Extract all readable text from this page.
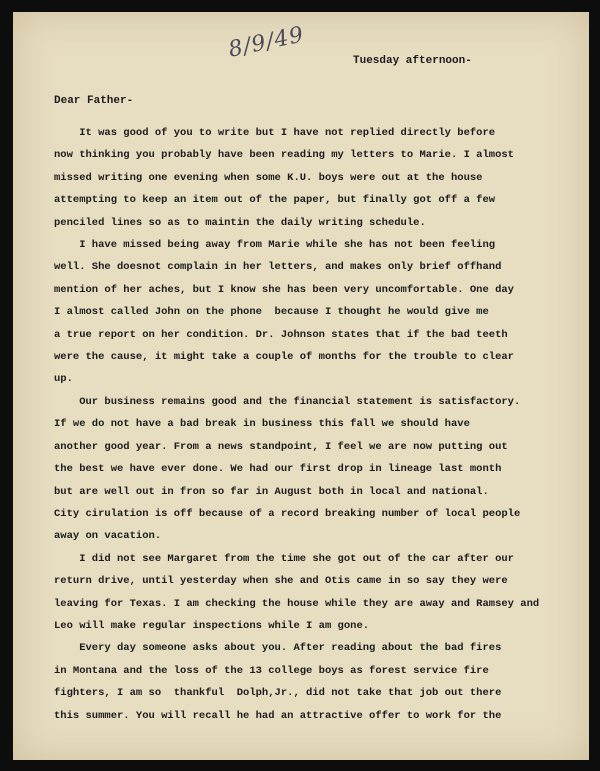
8/9/49	Tuesday afternoon-
Dear Father-
It was good of you to write but I have not replied directly before
now thinking you probably have been reading my letters to Marie. I almost
missed writing one evening when some K.U. boys were out at the house
attempting to keep an item out of the paper, but finally got off a few
penciled lines so as to maintin the daily writing schedule.
I have missed being away from Marie while she has not been feeling
well. She doesnot complain in her letters, and makes only brief offhand
mention of her aches, but I know she has been very uncomfortable. One day
I almost called John on the phone  because I thought he would give me
a true report on her condition. Dr. Johnson states that if the bad teeth
were the cause, it might take a couple of months for the trouble to clear
up.
Our business remains good and the financial statement is satisfactory.
If we do not have a bad break in business this fall we should have
another good year. From a news standpoint, I feel we are now putting out
the best we have ever done. We had our first drop in lineage last month
but are well out in fron so far in August both in local and national.
City cirulation is off because of a record breaking number of local people
away on vacation.
I did not see Margaret from the time she got out of the car after our
return drive, until yesterday when she and Otis came in so say they were
leaving for Texas. I am checking the house while they are away and Ramsey and
Leo will make regular inspections while I am gone.
Every day someone asks about you. After reading about the bad fires
in Montana and the loss of the 13 college boys as forest service fire
fighters, I am so  thankful  Dolph,Jr., did not take that job out there
this summer. You will recall he had an attractive offer to work for the
